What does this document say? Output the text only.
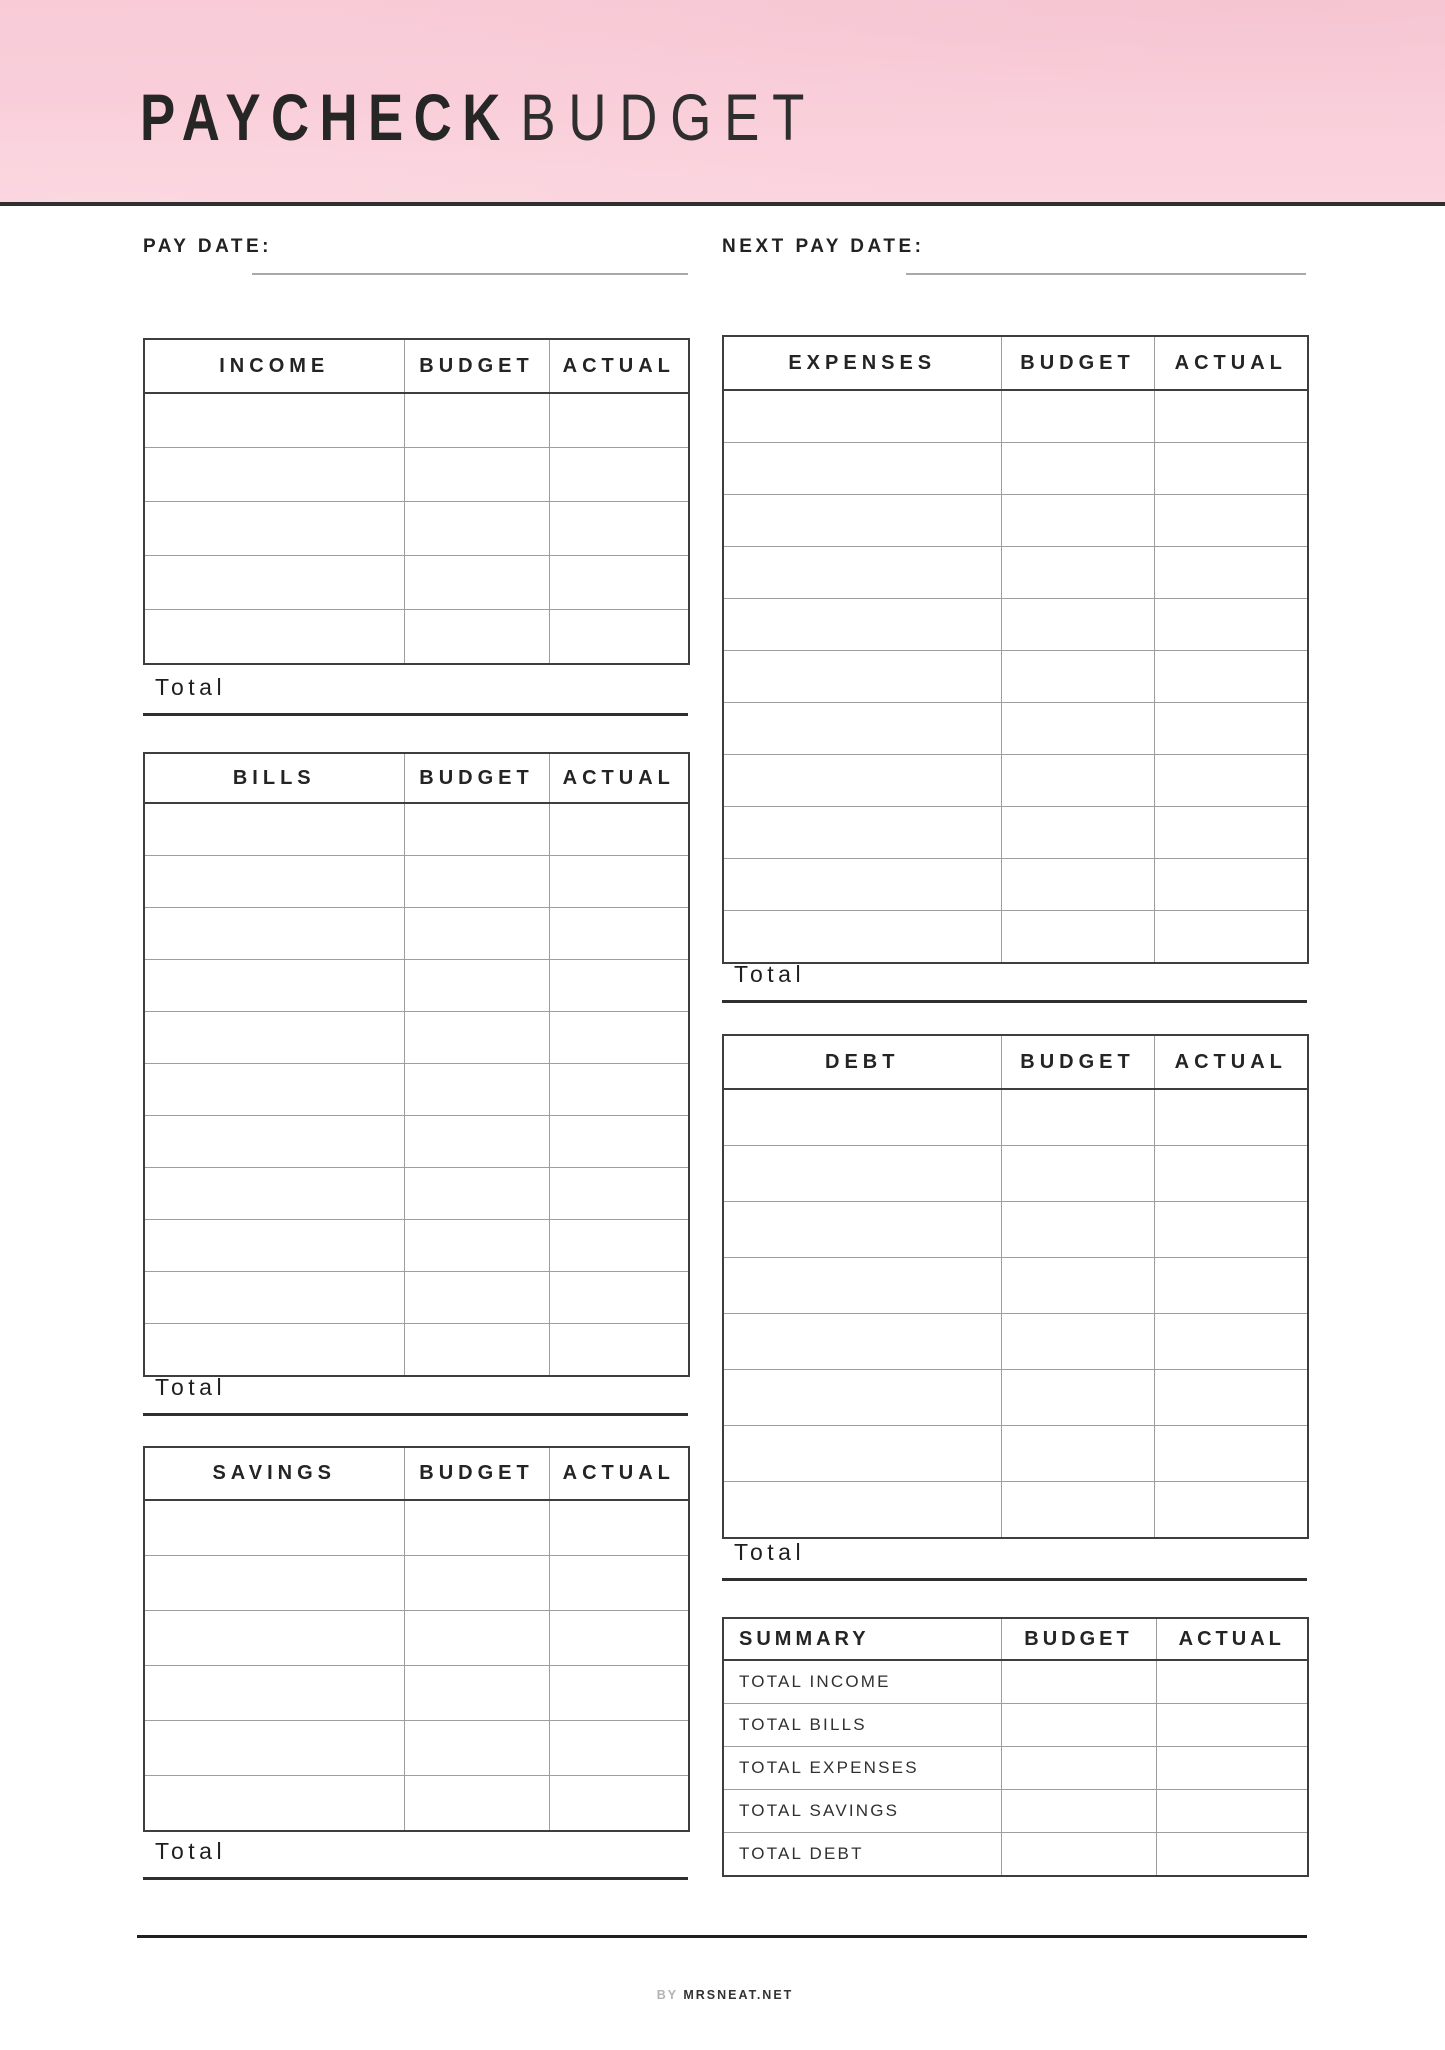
PAYCHECK BUDGET
PAY DATE:	NEXT PAY DATE:
INCOME	BUDGET	ACTUAL

Total
BILLS	BUDGET	ACTUAL

Total
SAVINGS	BUDGET	ACTUAL

Total
EXPENSES	BUDGET	ACTUAL

Total
DEBT	BUDGET	ACTUAL

Total
SUMMARY	BUDGET	ACTUAL
TOTAL INCOME		
TOTAL BILLS		
TOTAL EXPENSES		
TOTAL SAVINGS		
TOTAL DEBT		
BY MRSNEAT.NET
